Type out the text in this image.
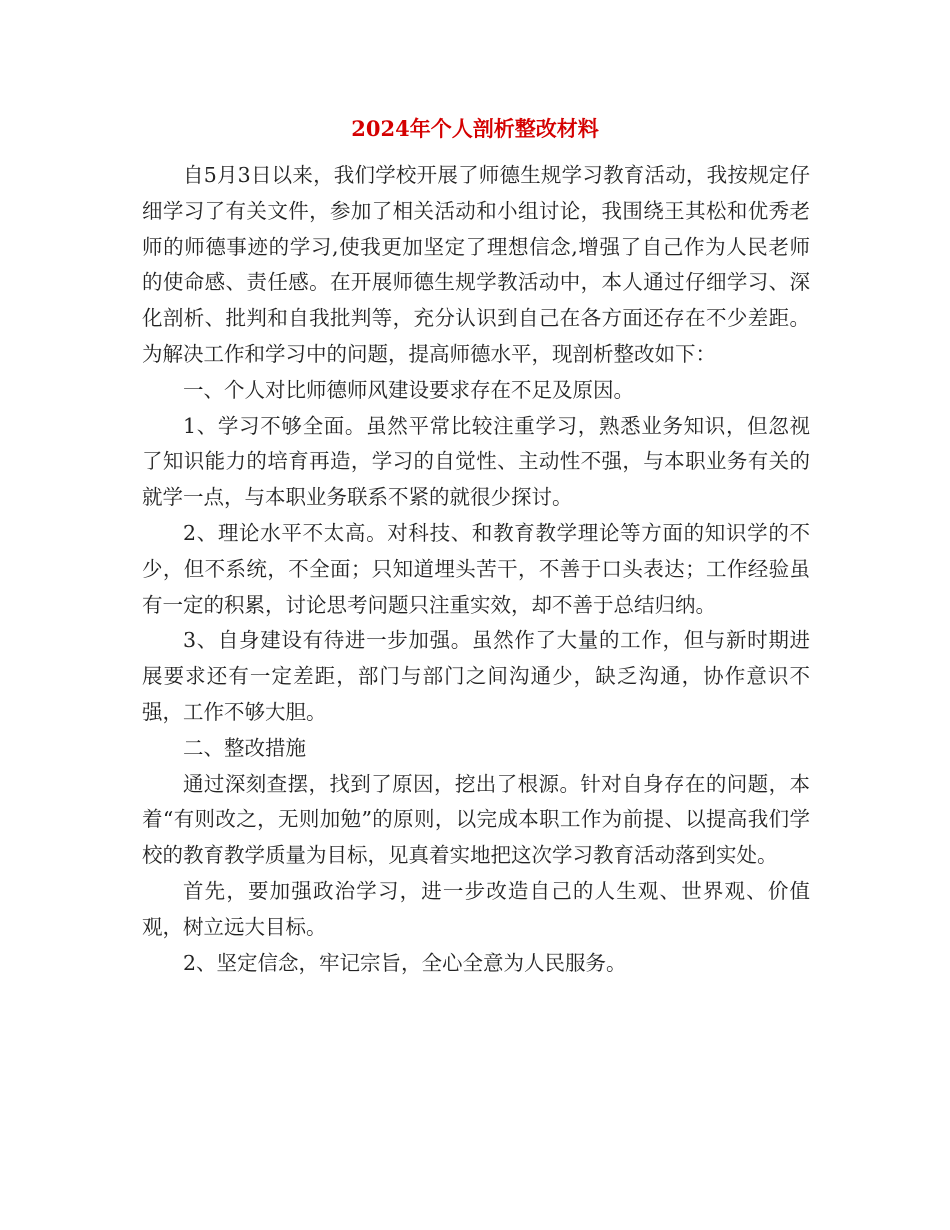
2024年个人剖析整改材料

自5月3日以来，我们学校开展了师德生规学习教育活动，我按规定仔细学习了有关文件，参加了相关活动和小组讨论，我围绕王其松和优秀老师的师德事迹的学习,使我更加坚定了理想信念,增强了自己作为人民老师的使命感、责任感。在开展师德生规学教活动中，本人通过仔细学习、深化剖析、批判和自我批判等，充分认识到自己在各方面还存在不少差距。为解决工作和学习中的问题，提高师德水平，现剖析整改如下：

一、个人对比师德师风建设要求存在不足及原因。

1、学习不够全面。虽然平常比较注重学习，熟悉业务知识，但忽视了知识能力的培育再造，学习的自觉性、主动性不强，与本职业务有关的就学一点，与本职业务联系不紧的就很少探讨。

2、理论水平不太高。对科技、和教育教学理论等方面的知识学的不少，但不系统，不全面；只知道埋头苦干，不善于口头表达；工作经验虽有一定的积累，讨论思考问题只注重实效，却不善于总结归纳。

3、自身建设有待进一步加强。虽然作了大量的工作，但与新时期进展要求还有一定差距，部门与部门之间沟通少，缺乏沟通，协作意识不强，工作不够大胆。

二、整改措施

通过深刻查摆，找到了原因，挖出了根源。针对自身存在的问题，本着“有则改之，无则加勉”的原则，以完成本职工作为前提、以提高我们学校的教育教学质量为目标，见真着实地把这次学习教育活动落到实处。

首先，要加强政治学习，进一步改造自己的人生观、世界观、价值观，树立远大目标。

2、坚定信念，牢记宗旨，全心全意为人民服务。
